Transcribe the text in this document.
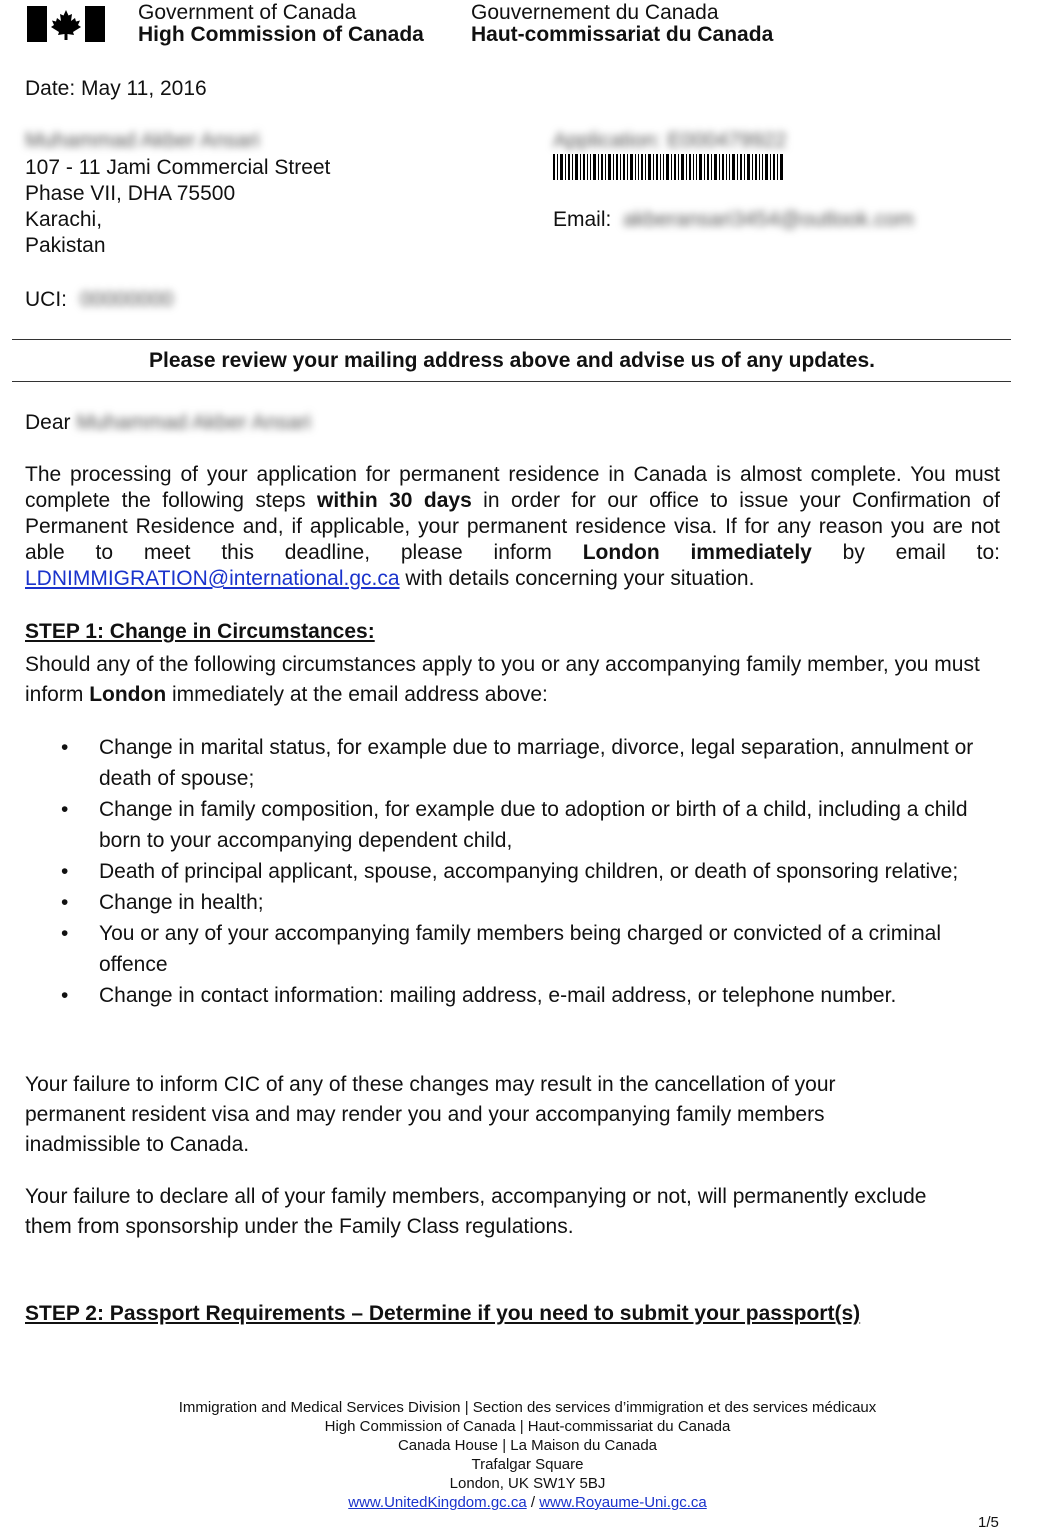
Government of Canada
High Commission of Canada
Gouvernement du Canada
Haut-commissariat du Canada
Date: May 11, 2016
Muhammad Akber Ansari
107 - 11 Jami Commercial Street
Phase VII, DHA 75500
Karachi,
Pakistan
UCI: 00000000
Application: E000479922
Email: akberansari3454@outlook.com
Please review your mailing address above and advise us of any updates.
Dear Muhammad Akber Ansari
The processing of your application for permanent residence in Canada is almost complete. You must complete the following steps within 30 days in order for our office to issue your Confirmation of Permanent Residence and, if applicable, your permanent residence visa. If for any reason you are not able to meet this deadline, please inform London immediately by email to: LDNIMMIGRATION@international.gc.ca with details concerning your situation.
STEP 1: Change in Circumstances:
Should any of the following circumstances apply to you or any accompanying family member, you must inform London immediately at the email address above:
• Change in marital status, for example due to marriage, divorce, legal separation, annulment or death of spouse;
• Change in family composition, for example due to adoption or birth of a child, including a child born to your accompanying dependent child,
• Death of principal applicant, spouse, accompanying children, or death of sponsoring relative;
• Change in health;
• You or any of your accompanying family members being charged or convicted of a criminal offence
• Change in contact information: mailing address, e-mail address, or telephone number.
Your failure to inform CIC of any of these changes may result in the cancellation of your permanent resident visa and may render you and your accompanying family members inadmissible to Canada.
Your failure to declare all of your family members, accompanying or not, will permanently exclude them from sponsorship under the Family Class regulations.
STEP 2: Passport Requirements – Determine if you need to submit your passport(s)
Immigration and Medical Services Division | Section des services d’immigration et des services médicaux
High Commission of Canada | Haut-commissariat du Canada
Canada House | La Maison du Canada
Trafalgar Square
London, UK SW1Y 5BJ
www.UnitedKingdom.gc.ca / www.Royaume-Uni.gc.ca
1/5
